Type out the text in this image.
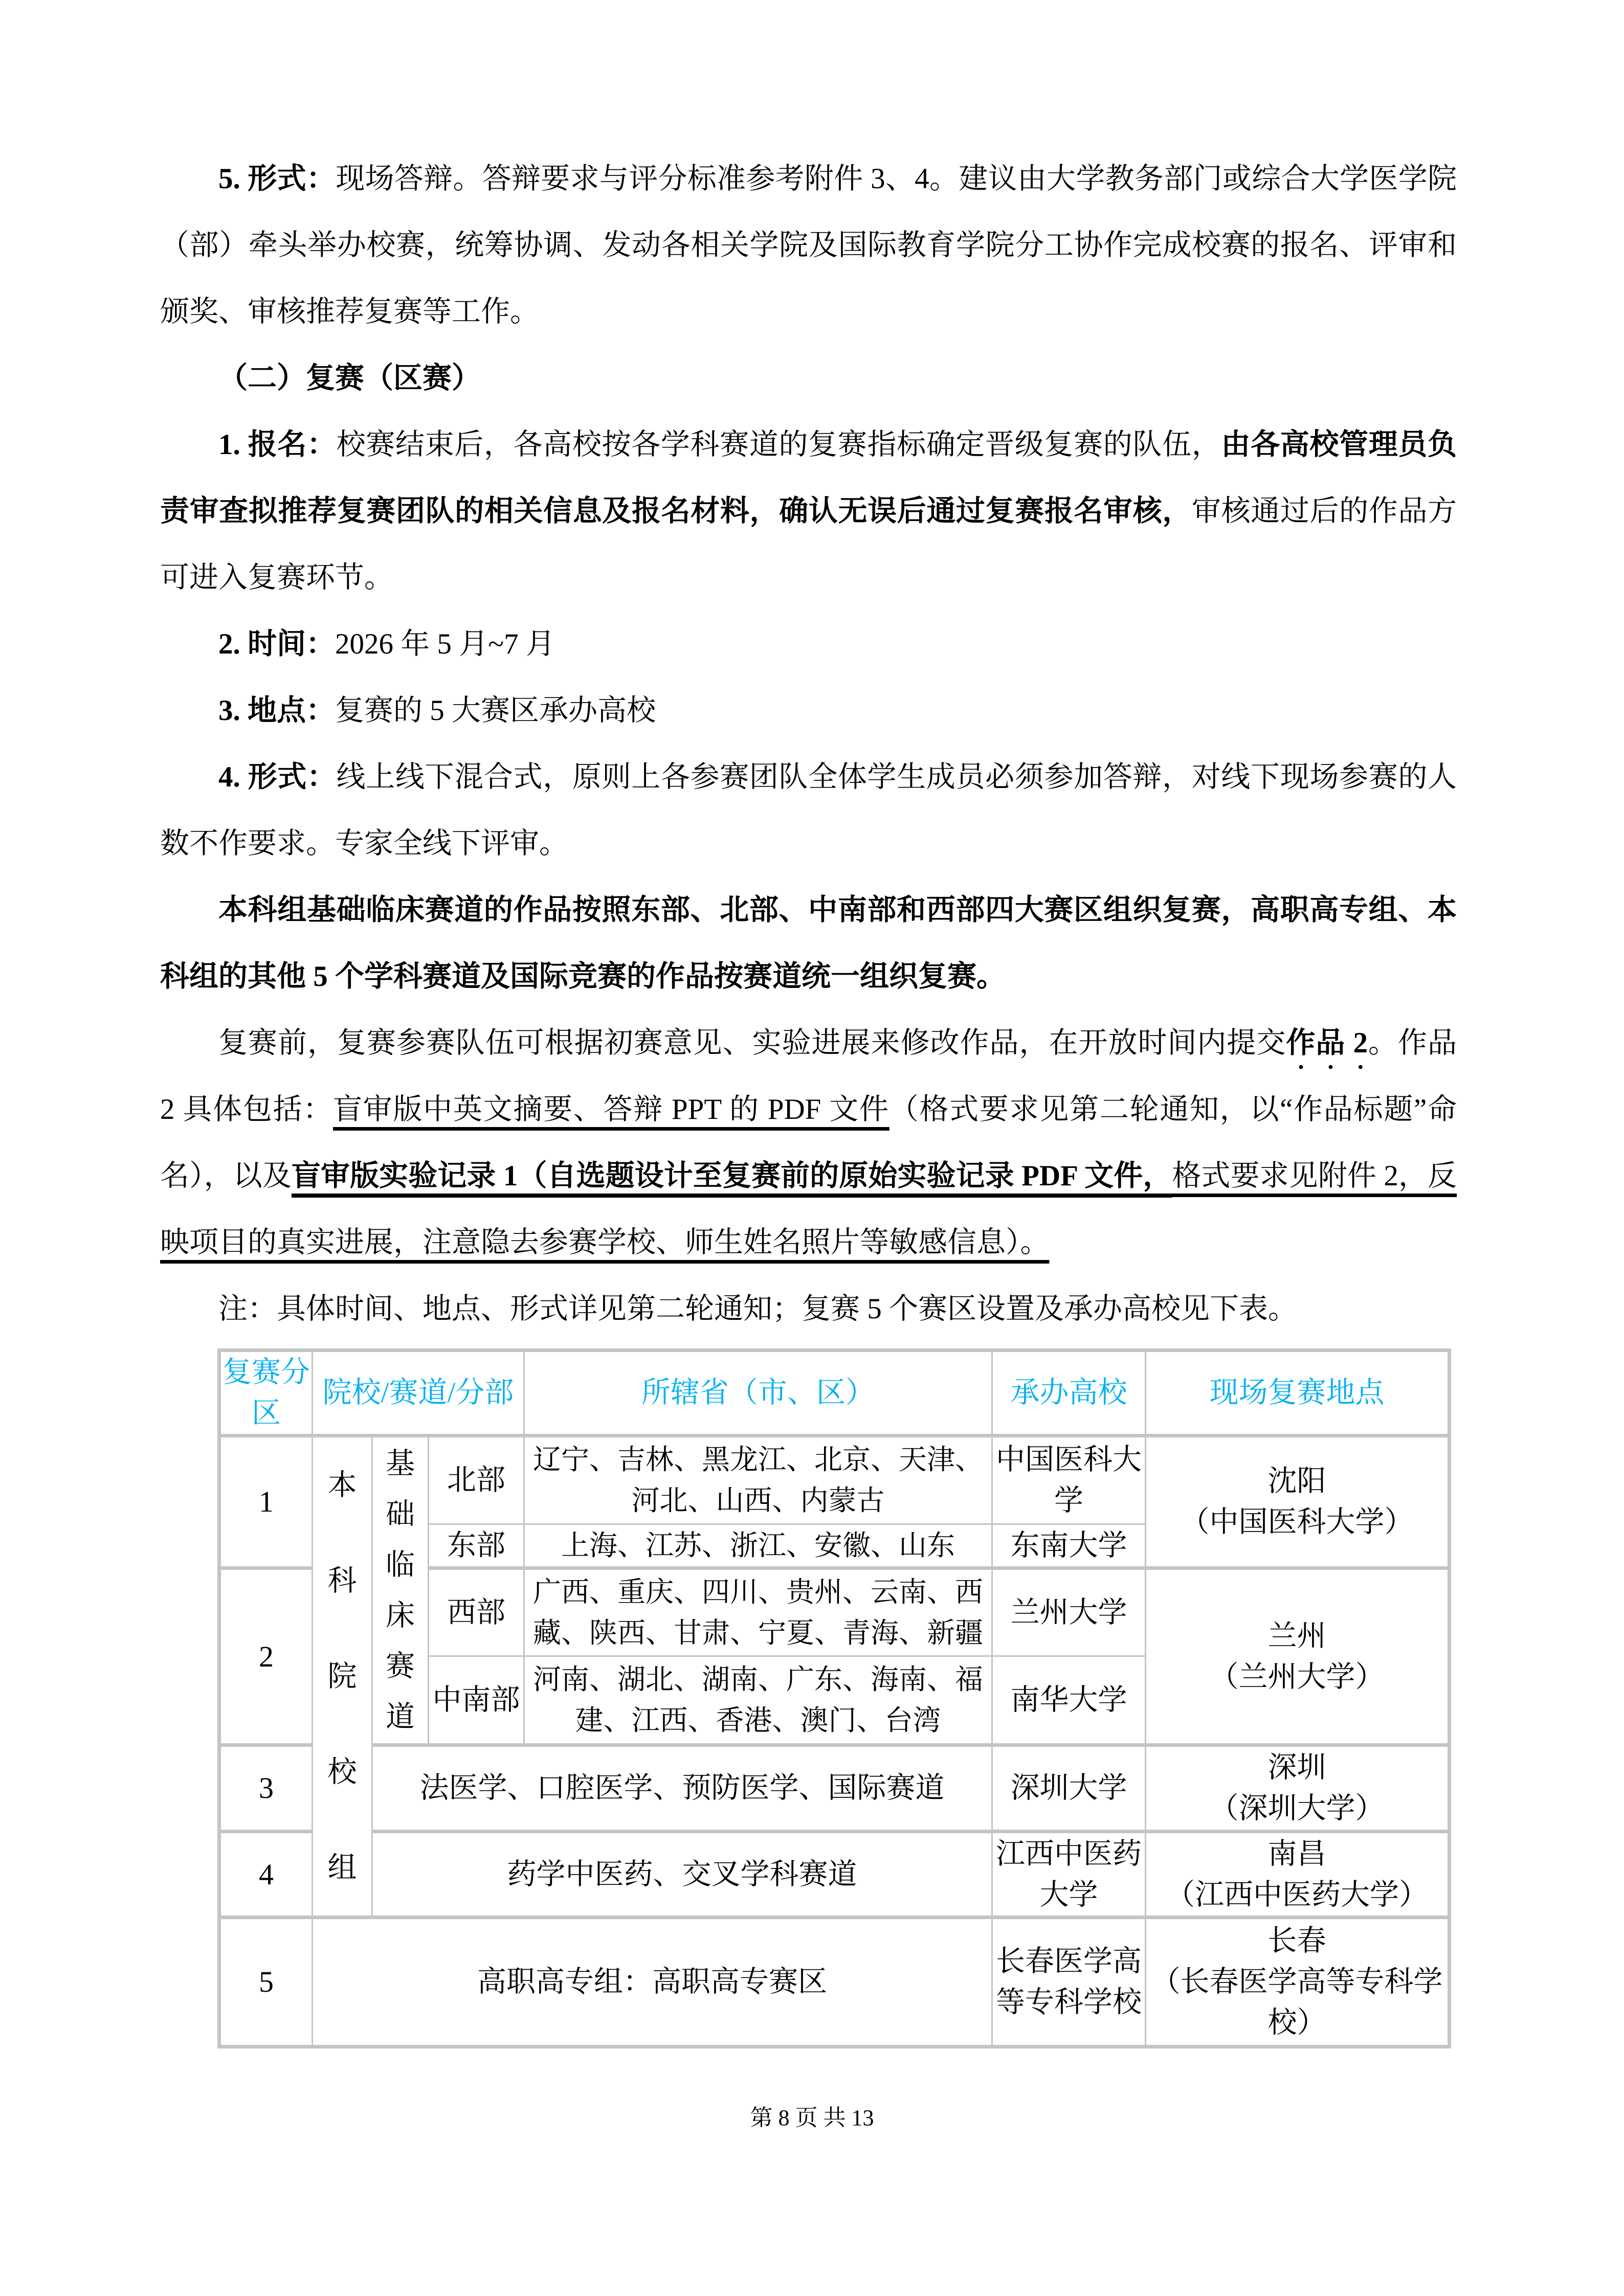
5. 形式：现场答辩。答辩要求与评分标准参考附件 3、4。建议由大学教务部门或综合大学医学院（部）牵头举办校赛，统筹协调、发动各相关学院及国际教育学院分工协作完成校赛的报名、评审和颁奖、审核推荐复赛等工作。

（二）复赛（区赛）

1. 报名：校赛结束后，各高校按各学科赛道的复赛指标确定晋级复赛的队伍，由各高校管理员负责审查拟推荐复赛团队的相关信息及报名材料，确认无误后通过复赛报名审核，审核通过后的作品方可进入复赛环节。

2. 时间：2026 年 5 月~7 月

3. 地点：复赛的 5 大赛区承办高校

4. 形式：线上线下混合式，原则上各参赛团队全体学生成员必须参加答辩，对线下现场参赛的人数不作要求。专家全线下评审。

本科组基础临床赛道的作品按照东部、北部、中南部和西部四大赛区组织复赛，高职高专组、本科组的其他 5 个学科赛道及国际竞赛的作品按赛道统一组织复赛。

复赛前，复赛参赛队伍可根据初赛意见、实验进展来修改作品，在开放时间内提交作品 2。作品 2 具体包括：盲审版中英文摘要、答辩 PPT 的 PDF 文件（格式要求见第二轮通知，以“作品标题”命名），以及盲审版实验记录 1（自选题设计至复赛前的原始实验记录 PDF 文件，格式要求见附件 2，反映项目的真实进展，注意隐去参赛学校、师生姓名照片等敏感信息）。

注：具体时间、地点、形式详见第二轮通知；复赛 5 个赛区设置及承办高校见下表。

复赛分区	院校/赛道/分部			所辖省（市、区）	承办高校	现场复赛地点
1	本科院校组	基础临床赛道	北部	辽宁、吉林、黑龙江、北京、天津、河北、山西、内蒙古	中国医科大学	沈阳
（中国医科大学）

			东部	上海、江苏、浙江、安徽、山东	东南大学	
2			西部	广西、重庆、四川、贵州、云南、西藏、陕西、甘肃、宁夏、青海、新疆	兰州大学	兰州
（兰州大学）

			中南部	河南、湖北、湖南、广东、海南、福建、江西、香港、澳门、台湾	南华大学	
3		法医学、口腔医学、预防医学、国际赛道			深圳大学	深圳
（深圳大学）

4		药学中医药、交叉学科赛道			江西中医药大学	南昌
（江西中医药大学）

5	高职高专组：高职高专赛区				长春医学高等专科学校	长春
（长春医学高等专科学校）
第 8 页 共 13
